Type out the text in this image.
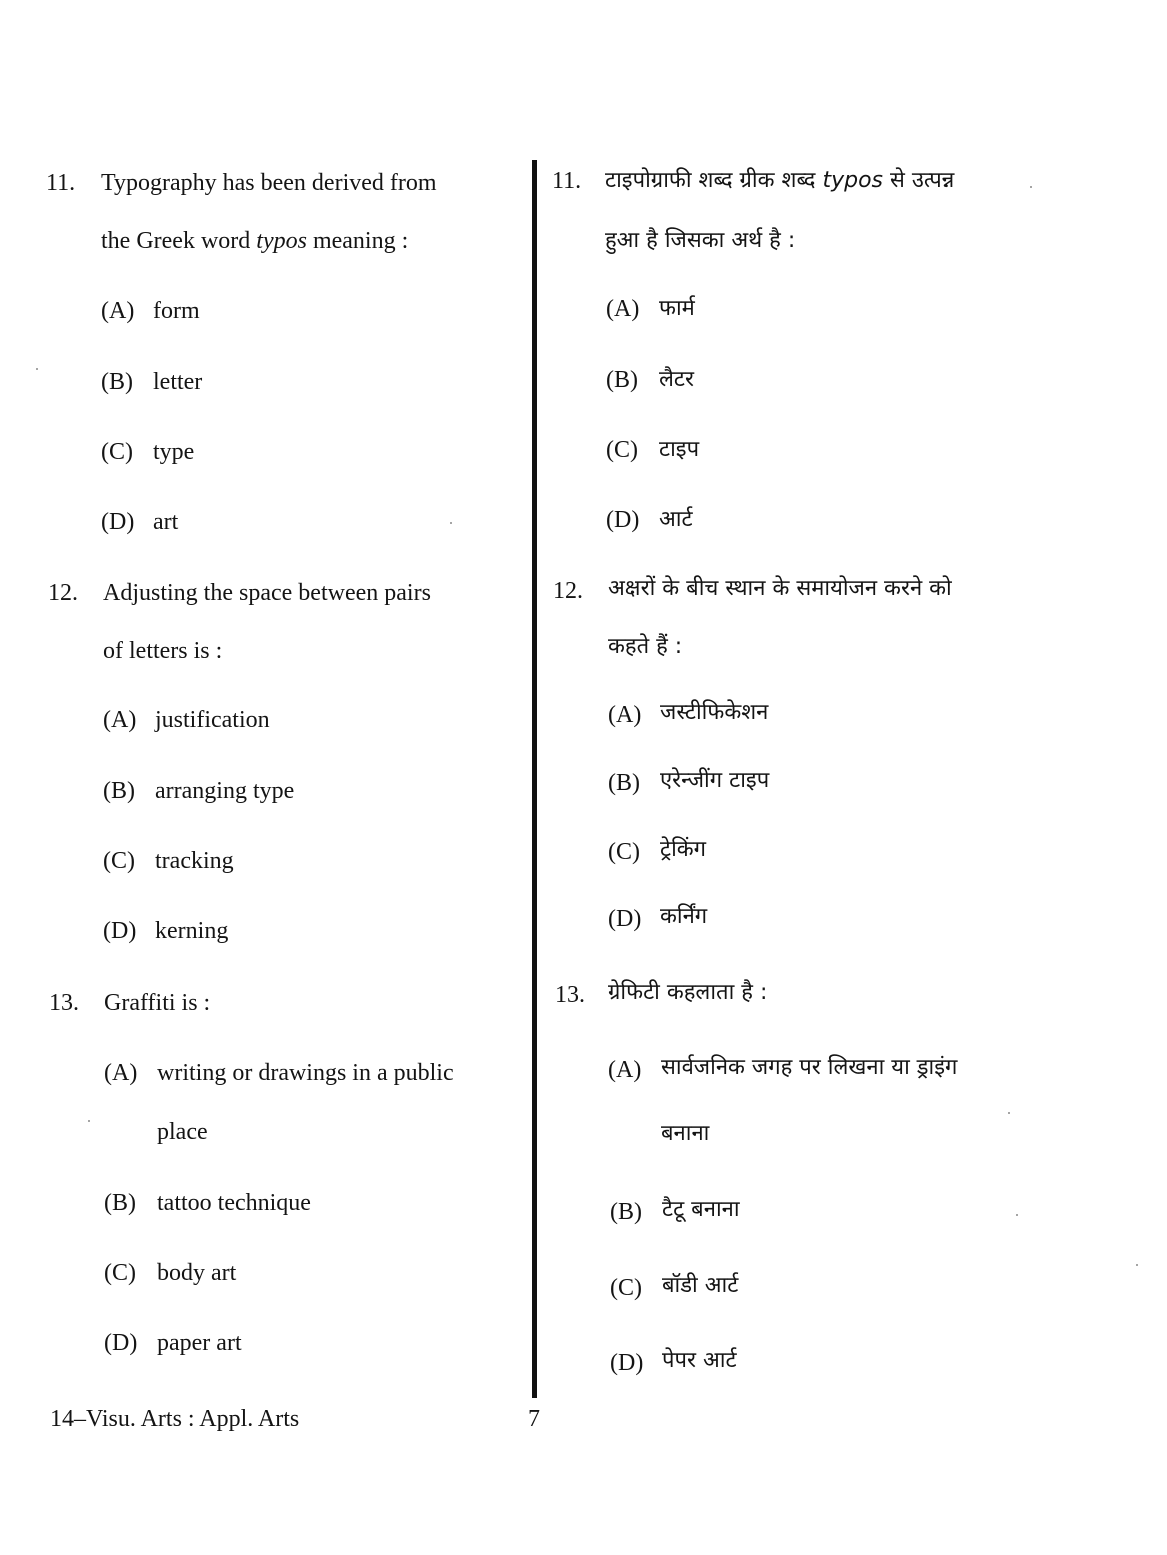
11. Typography has been derived from
the Greek word typos meaning :
(A) form
(B) letter
(C) type
(D) art
12. Adjusting the space between pairs
of letters is :
(A) justification
(B) arranging type
(C) tracking
(D) kerning
13. Graffiti is :
(A) writing or drawings in a public
place
(B) tattoo technique
(C) body art
(D) paper art
11. टाइपोग्राफी शब्द ग्रीक शब्द typos से उत्पन्न
हुआ है जिसका अर्थ है :
(A) फार्म
(B) लैटर
(C) टाइप
(D) आर्ट
12. अक्षरों के बीच स्थान के समायोजन करने को
कहते हैं :
(A) जस्टीफिकेशन
(B) एरेन्जींग टाइप
(C) ट्रेकिंग
(D) कर्निंग
13. ग्रेफिटी कहलाता है :
(A) सार्वजनिक जगह पर लिखना या ड्राइंग
बनाना
(B) टैटू बनाना
(C) बॉडी आर्ट
(D) पेपर आर्ट
14–Visu. Arts : Appl. Arts	7
